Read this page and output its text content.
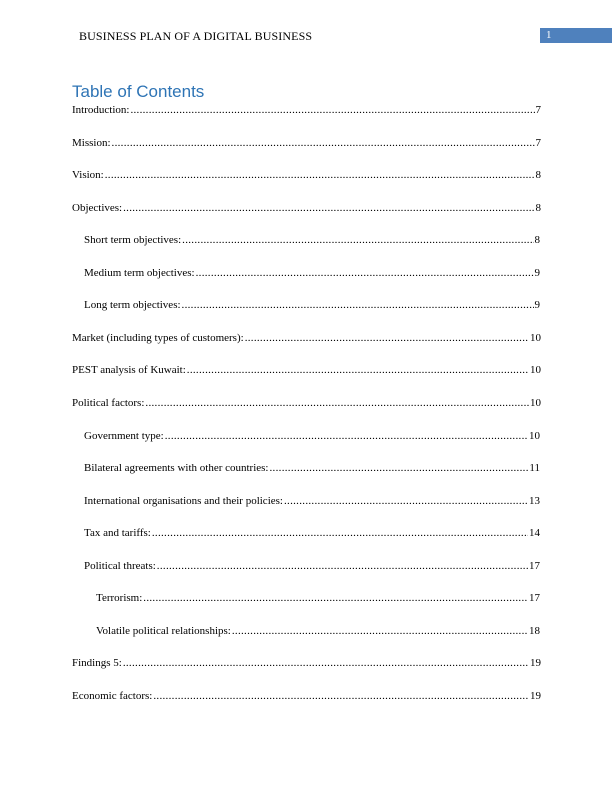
BUSINESS PLAN OF A DIGITAL BUSINESS	1
Table of Contents
Introduction: .....	7
Mission: .....	7
Vision: .....	8
Objectives: .....	8
Short term objectives: .....	8
Medium term objectives: .....	9
Long term objectives: .....	9
Market (including types of customers): .....	10
PEST analysis of Kuwait: .....	10
Political factors: .....	10
Government type: .....	10
Bilateral agreements with other countries: .....	11
International organisations and their policies: .....	13
Tax and tariffs: .....	14
Political threats: .....	17
Terrorism: .....	17
Volatile political relationships: .....	18
Findings 5: .....	19
Economic factors: .....	19
